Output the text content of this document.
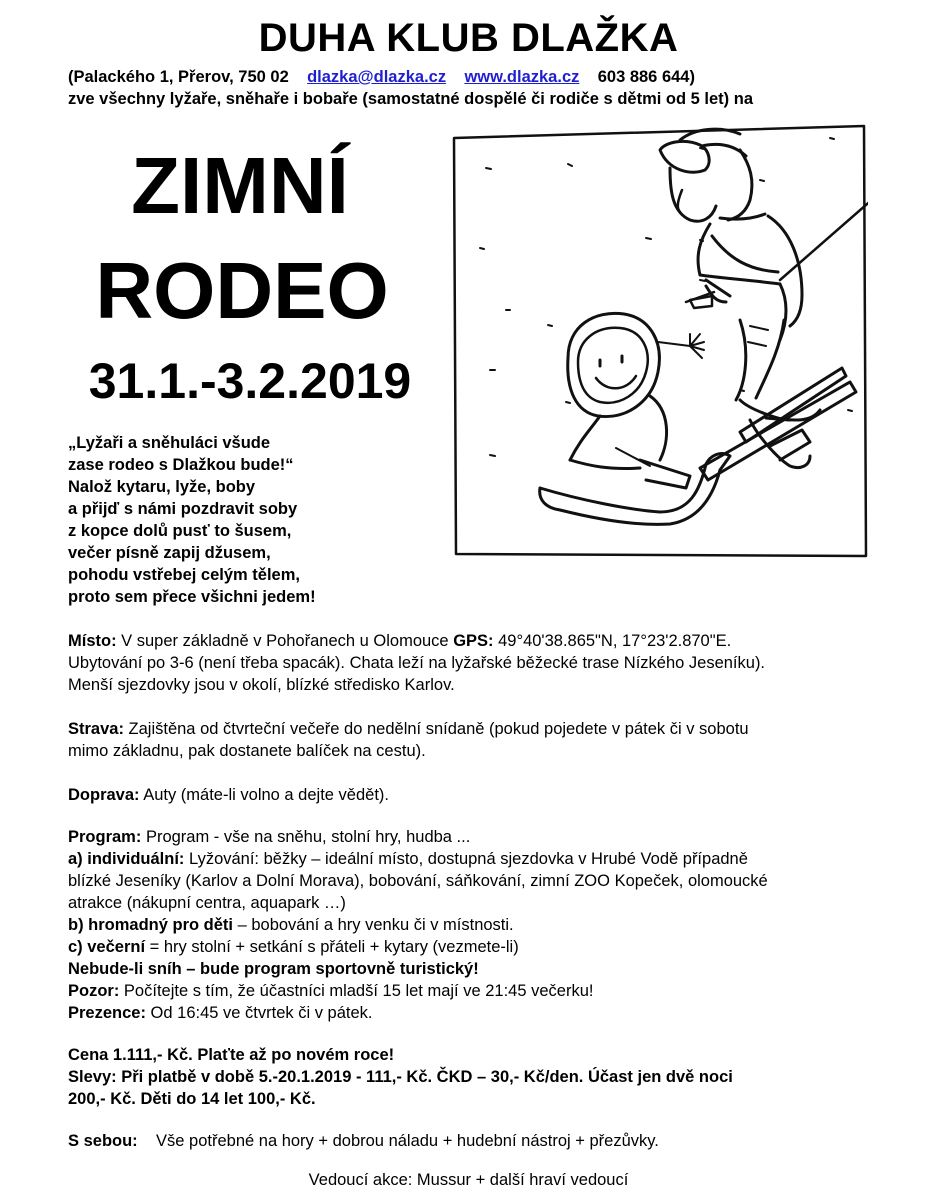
DUHA KLUB DLAŽKA
(Palackého 1, Přerov, 750 02 dlazka@dlazka.cz www.dlazka.cz 603 886 644)
zve všechny lyžaře, sněhaře i bobaře (samostatné dospělé či rodiče s dětmi od 5 let) na
ZIMNÍ
RODEO
31.1.-3.2.2019
„Lyžaři a sněhuláci všude
zase rodeo s Dlažkou bude!“
Nalož kytaru, lyže, boby
a přijď s námi pozdravit soby
z kopce dolů pusť to šusem,
večer písně zapij džusem,
pohodu vstřebej celým tělem,
proto sem přece všichni jedem!
Místo: V super základně v Pohořanech u Olomouce GPS: 49°40'38.865"N, 17°23'2.870"E.
Ubytování po 3-6 (není třeba spacák). Chata leží na lyžařské běžecké trase Nízkého Jeseníku).
Menší sjezdovky jsou v okolí, blízké středisko Karlov.
Strava: Zajištěna od čtvrteční večeře do nedělní snídaně (pokud pojedete v pátek či v sobotu
mimo základnu, pak dostanete balíček na cestu).
Doprava: Auty (máte-li volno a dejte vědět).
Program: Program - vše na sněhu, stolní hry, hudba ...
a) individuální: Lyžování: běžky – ideální místo, dostupná sjezdovka v Hrubé Vodě případně
blízké Jeseníky (Karlov a Dolní Morava), bobování, sáňkování, zimní ZOO Kopeček, olomoucké
atrakce (nákupní centra, aquapark …)
b) hromadný pro děti – bobování a hry venku či v místnosti.
c) večerní = hry stolní + setkání s přáteli + kytary (vezmete-li)
Nebude-li sníh – bude program sportovně turistický!
Pozor: Počítejte s tím, že účastníci mladší 15 let mají ve 21:45 večerku!
Prezence: Od 16:45 ve čtvrtek či v pátek.
Cena 1.111,- Kč. Plaťte až po novém roce!
Slevy: Při platbě v době 5.-20.1.2019 - 111,- Kč. ČKD – 30,- Kč/den. Účast jen dvě noci
200,- Kč. Děti do 14 let 100,- Kč.
S sebou:    Vše potřebné na hory + dobrou náladu + hudební nástroj + přezůvky.
Vedoucí akce: Mussur + další hraví vedoucí
